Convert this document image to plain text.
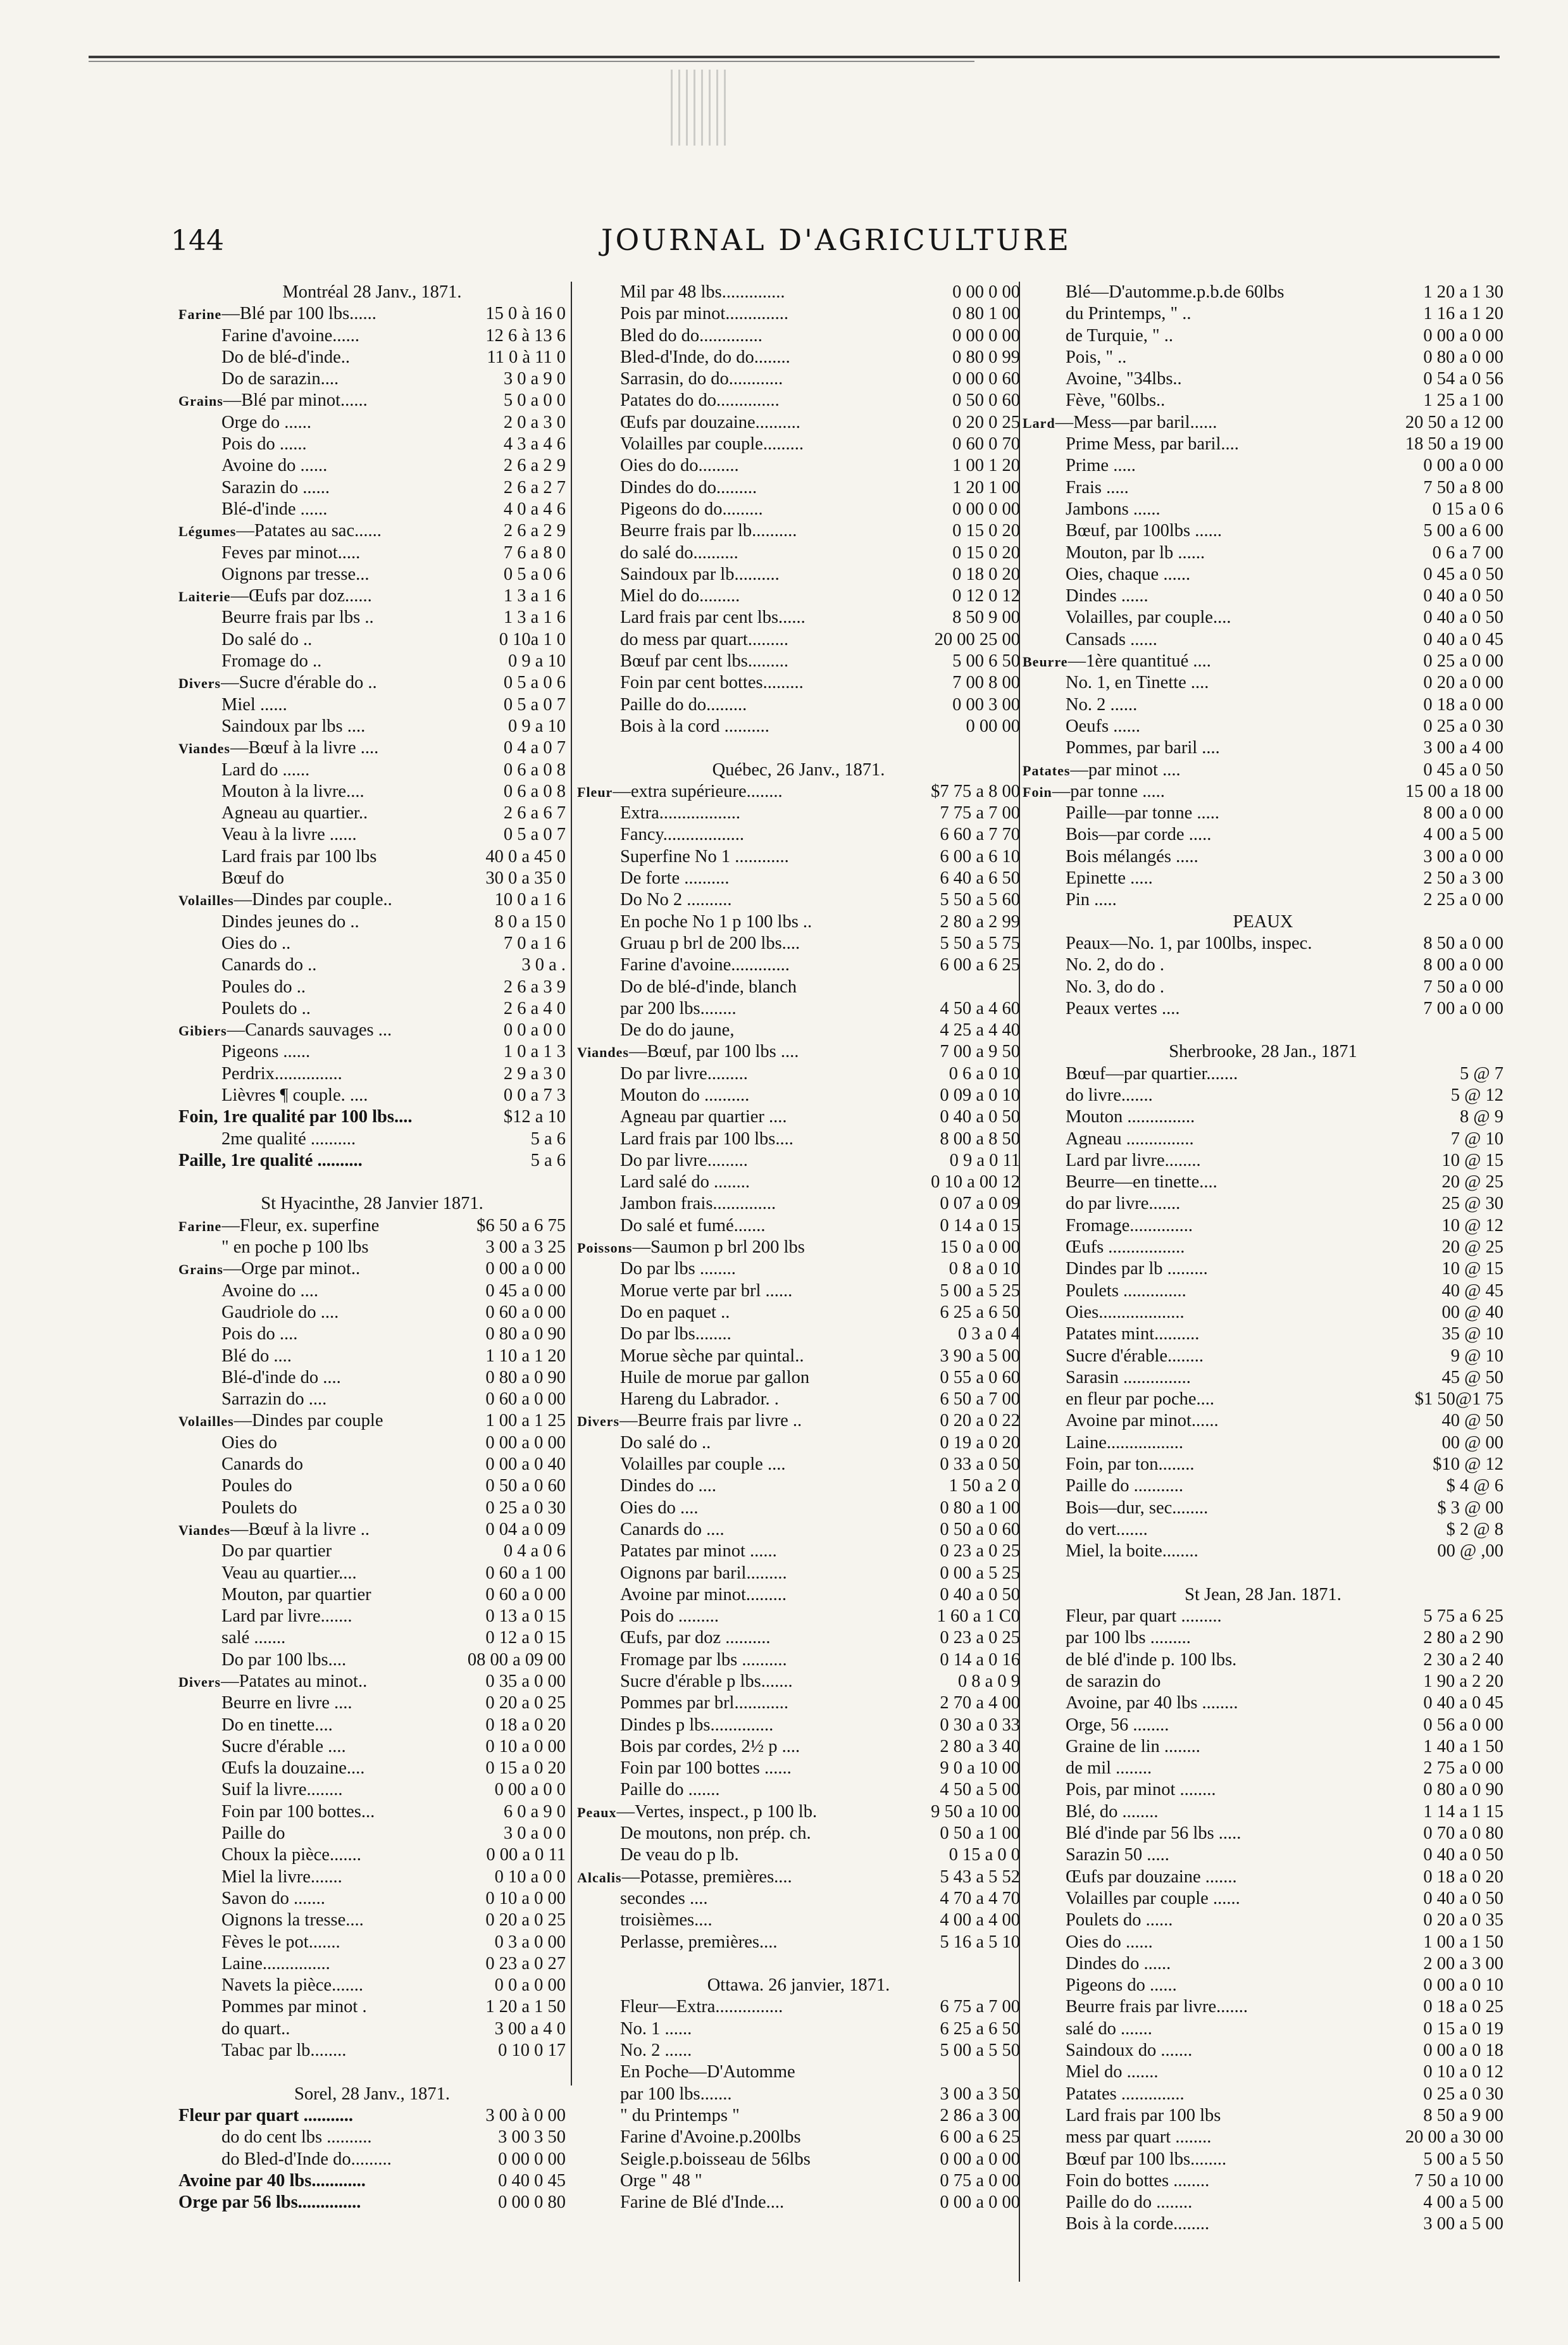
144	JOURNAL D'AGRICULTURE
Montréal 28 Janv., 1871.
Farine—Blé par 100 lbs......	15 0 à 16 0
Farine d'avoine......	12 6 à 13 6
Do de blé-d'inde..	11 0 à 11 0
Do de sarazin....	3 0 a 9 0
Grains—Blé par minot......	5 0 a 0 0
Orge do ......	2 0 a 3 0
Pois do ......	4 3 a 4 6
Avoine do ......	2 6 a 2 9
Sarazin do ......	2 6 a 2 7
Blé-d'inde ......	4 0 a 4 6
Légumes—Patates au sac......	2 6 a 2 9
Feves par minot.....	7 6 a 8 0
Oignons par tresse...	0 5 a 0 6
Laiterie—Œufs par doz......	1 3 a 1 6
Beurre frais par lbs ..	1 3 a 1 6
Do salé do ..	0 10a 1 0
Fromage do ..	0 9 a 10
Divers—Sucre d'érable do ..	0 5 a 0 6
Miel ......	0 5 a 0 7
Saindoux par lbs ....	0 9 a 10
Viandes—Bœuf à la livre ....	0 4 a 0 7
Lard do ......	0 6 a 0 8
Mouton à la livre....	0 6 a 0 8
Agneau au quartier..	2 6 a 6 7
Veau à la livre ......	0 5 a 0 7
Lard frais par 100 lbs	40 0 a 45 0
Bœuf do	30 0 a 35 0
Volailles—Dindes par couple..	10 0 a 1 6
Dindes jeunes do ..	8 0 a 15 0
Oies do ..	7 0 a 1 6
Canards do ..	3 0 a .
Poules do ..	2 6 a 3 9
Poulets do ..	2 6 a 4 0
Gibiers—Canards sauvages ...	0 0 a 0 0
Pigeons ......	1 0 a 1 3
Perdrix...............	2 9 a 3 0
Lièvres ¶ couple. ....	0 0 a 7 3
Foin, 1re qualité par 100 lbs....	$12 a 10
2me qualité ..........	5 a 6
Paille, 1re qualité ..........	5 a 6
St Hyacinthe, 28 Janvier 1871.
Farine—Fleur, ex. superfine	$6 50 a 6 75
" en poche p 100 lbs	3 00 a 3 25
Grains—Orge par minot..	0 00 a 0 00
Avoine do ....	0 45 a 0 00
Gaudriole do ....	0 60 a 0 00
Pois do ....	0 80 a 0 90
Blé do ....	1 10 a 1 20
Blé-d'inde do ....	0 80 a 0 90
Sarrazin do ....	0 60 a 0 00
Volailles—Dindes par couple	1 00 a 1 25
Oies do	0 00 a 0 00
Canards do	0 00 a 0 40
Poules do	0 50 a 0 60
Poulets do	0 25 a 0 30
Viandes—Bœuf à la livre ..	0 04 a 0 09
Do par quartier	0 4 a 0 6
Veau au quartier....	0 60 a 1 00
Mouton, par quartier	0 60 a 0 00
Lard par livre.......	0 13 a 0 15
salé .......	0 12 a 0 15
Do par 100 lbs....	08 00 a 09 00
Divers—Patates au minot..	0 35 a 0 00
Beurre en livre ....	0 20 a 0 25
Do en tinette....	0 18 a 0 20
Sucre d'érable ....	0 10 a 0 00
Œufs la douzaine....	0 15 a 0 20
Suif la livre........	0 00 a 0 0
Foin par 100 bottes...	6 0 a 9 0
Paille do	3 0 a 0 0
Choux la pièce.......	0 00 a 0 11
Miel la livre.......	0 10 a 0 0
Savon do .......	0 10 a 0 00
Oignons la tresse....	0 20 a 0 25
Fèves le pot.......	0 3 a 0 00
Laine...............	0 23 a 0 27
Navets la pièce.......	0 0 a 0 00
Pommes par minot .	1 20 a 1 50
do quart..	3 00 a 4 0
Tabac par lb........	0 10 0 17
Sorel, 28 Janv., 1871.
Fleur par quart ...........	3 00 à 0 00
do do cent lbs ..........	3 00 3 50
do Bled-d'Inde do.........	0 00 0 00
Avoine par 40 lbs............	0 40 0 45
Orge par 56 lbs..............	0 00 0 80
Mil par 48 lbs..............	0 00 0 00
Pois par minot..............	0 80 1 00
Bled do do..............	0 00 0 00
Bled-d'Inde, do do........	0 80 0 99
Sarrasin, do do............	0 00 0 60
Patates do do..............	0 50 0 60
Œufs par douzaine..........	0 20 0 25
Volailles par couple.........	0 60 0 70
Oies do do.........	1 00 1 20
Dindes do do.........	1 20 1 00
Pigeons do do.........	0 00 0 00
Beurre frais par lb..........	0 15 0 20
do salé do..........	0 15 0 20
Saindoux par lb..........	0 18 0 20
Miel do do.........	0 12 0 12
Lard frais par cent lbs......	8 50 9 00
do mess par quart.........	20 00 25 00
Bœuf par cent lbs.........	5 00 6 50
Foin par cent bottes.........	7 00 8 00
Paille do do.........	0 00 3 00
Bois à la cord ..........	0 00 00
Québec, 26 Janv., 1871.
Fleur—extra supérieure........	$7 75 a 8 00
Extra..................	7 75 a 7 00
Fancy..................	6 60 a 7 70
Superfine No 1 ............	6 00 a 6 10
De forte ..........	6 40 a 6 50
Do No 2 ..........	5 50 a 5 60
En poche No 1 p 100 lbs ..	2 80 a 2 99
Gruau p brl de 200 lbs....	5 50 a 5 75
Farine d'avoine.............	6 00 a 6 25
Do de blé-d'inde, blanch
par 200 lbs........	4 50 a 4 60
De do do jaune,	4 25 a 4 40
Viandes—Bœuf, par 100 lbs ....	7 00 a 9 50
Do par livre.........	0 6 a 0 10
Mouton do ..........	0 09 a 0 10
Agneau par quartier ....	0 40 a 0 50
Lard frais par 100 lbs....	8 00 a 8 50
Do par livre.........	0 9 a 0 11
Lard salé do ........	0 10 a 00 12
Jambon frais..............	0 07 a 0 09
Do salé et fumé.......	0 14 a 0 15
Poissons—Saumon p brl 200 lbs	15 0 a 0 00
Do par lbs ........	0 8 a 0 10
Morue verte par brl ......	5 00 a 5 25
Do en paquet ..	6 25 a 6 50
Do par lbs........	0 3 a 0 4
Morue sèche par quintal..	3 90 a 5 00
Huile de morue par gallon	0 55 a 0 60
Hareng du Labrador. .	6 50 a 7 00
Divers—Beurre frais par livre ..	0 20 a 0 22
Do salé do ..	0 19 a 0 20
Volailles par couple ....	0 33 a 0 50
Dindes do ....	1 50 a 2 0
Oies do ....	0 80 a 1 00
Canards do ....	0 50 a 0 60
Patates par minot ......	0 23 a 0 25
Oignons par baril.........	0 00 a 5 25
Avoine par minot.........	0 40 a 0 50
Pois do .........	1 60 a 1 C0
Œufs, par doz ..........	0 23 a 0 25
Fromage par lbs ..........	0 14 a 0 16
Sucre d'érable p lbs.......	0 8 a 0 9
Pommes par brl............	2 70 a 4 00
Dindes p lbs..............	0 30 a 0 33
Bois par cordes, 2½ p ....	2 80 a 3 40
Foin par 100 bottes ......	9 0 a 10 00
Paille do .......	4 50 a 5 00
Peaux—Vertes, inspect., p 100 lb.	9 50 a 10 00
De moutons, non prép. ch.	0 50 a 1 00
De veau do p lb.	0 15 a 0 0
Alcalis—Potasse, premières....	5 43 a 5 52
secondes ....	4 70 a 4 70
troisièmes....	4 00 a 4 00
Perlasse, premières....	5 16 a 5 10
Ottawa. 26 janvier, 1871.
Fleur—Extra...............	6 75 a 7 00
No. 1 ......	6 25 a 6 50
No. 2 ......	5 00 a 5 50
En Poche—D'Automme
par 100 lbs.......	3 00 a 3 50
" du Printemps "	2 86 a 3 00
Farine d'Avoine.p.200lbs	6 00 a 6 25
Seigle.p.boisseau de 56lbs	0 00 a 0 00
Orge " 48 "	0 75 a 0 00
Farine de Blé d'Inde....	0 00 a 0 00
Blé—D'automme.p.b.de 60lbs	1 20 a 1 30
du Printemps, " ..	1 16 a 1 20
de Turquie, " ..	0 00 a 0 00
Pois, " ..	0 80 a 0 00
Avoine, "34lbs..	0 54 a 0 56
Fève, "60lbs..	1 25 a 1 00
Lard—Mess—par baril......	20 50 a 12 00
Prime Mess, par baril....	18 50 a 19 00
Prime .....	0 00 a 0 00
Frais .....	7 50 a 8 00
Jambons ......	0 15 a 0 6
Bœuf, par 100lbs ......	5 00 a 6 00
Mouton, par lb ......	0 6 a 7 00
Oies, chaque ......	0 45 a 0 50
Dindes ......	0 40 a 0 50
Volailles, par couple....	0 40 a 0 50
Cansads ......	0 40 a 0 45
Beurre—1ère quantitué ....	0 25 a 0 00
No. 1, en Tinette ....	0 20 a 0 00
No. 2 ......	0 18 a 0 00
Oeufs ......	0 25 a 0 30
Pommes, par baril ....	3 00 a 4 00
Patates—par minot ....	0 45 a 0 50
Foin—par tonne .....	15 00 a 18 00
Paille—par tonne .....	8 00 a 0 00
Bois—par corde .....	4 00 a 5 00
Bois mélangés .....	3 00 a 0 00
Epinette .....	2 50 a 3 00
Pin .....	2 25 a 0 00
PEAUX
Peaux—No. 1, par 100lbs, inspec.	8 50 a 0 00
No. 2, do do .	8 00 a 0 00
No. 3, do do .	7 50 a 0 00
Peaux vertes ....	7 00 a 0 00
Sherbrooke, 28 Jan., 1871
Bœuf—par quartier.......	5 @ 7
do livre.......	5 @ 12
Mouton ...............	8 @ 9
Agneau ...............	7 @ 10
Lard par livre........	10 @ 15
Beurre—en tinette....	20 @ 25
do par livre.......	25 @ 30
Fromage..............	10 @ 12
Œufs .................	20 @ 25
Dindes par lb .........	10 @ 15
Poulets ..............	40 @ 45
Oies...................	00 @ 40
Patates mint..........	35 @ 10
Sucre d'érable........	9 @ 10
Sarasin ...............	45 @ 50
en fleur par poche....	$1 50@1 75
Avoine par minot......	40 @ 50
Laine.................	00 @ 00
Foin, par ton........	$10 @ 12
Paille do ...........	$ 4 @ 6
Bois—dur, sec........	$ 3 @ 00
do vert.......	$ 2 @ 8
Miel, la boite........	00 @ ,00
St Jean, 28 Jan. 1871.
Fleur, par quart .........	5 75 a 6 25
par 100 lbs .........	2 80 a 2 90
de blé d'inde p. 100 lbs.	2 30 a 2 40
de sarazin do	1 90 a 2 20
Avoine, par 40 lbs ........	0 40 a 0 45
Orge, 56 ........	0 56 a 0 00
Graine de lin ........	1 40 a 1 50
de mil ........	2 75 a 0 00
Pois, par minot ........	0 80 a 0 90
Blé, do ........	1 14 a 1 15
Blé d'inde par 56 lbs .....	0 70 a 0 80
Sarazin 50 .....	0 40 a 0 50
Œufs par douzaine .......	0 18 a 0 20
Volailles par couple ......	0 40 a 0 50
Poulets do ......	0 20 a 0 35
Oies do ......	1 00 a 1 50
Dindes do ......	2 00 a 3 00
Pigeons do ......	0 00 a 0 10
Beurre frais par livre.......	0 18 a 0 25
salé do .......	0 15 a 0 19
Saindoux do .......	0 00 a 0 18
Miel do .......	0 10 a 0 12
Patates ..............	0 25 a 0 30
Lard frais par 100 lbs	8 50 a 9 00
mess par quart ........	20 00 a 30 00
Bœuf par 100 lbs........	5 00 a 5 50
Foin do bottes ........	7 50 a 10 00
Paille do do ........	4 00 a 5 00
Bois à la corde........	3 00 a 5 00
